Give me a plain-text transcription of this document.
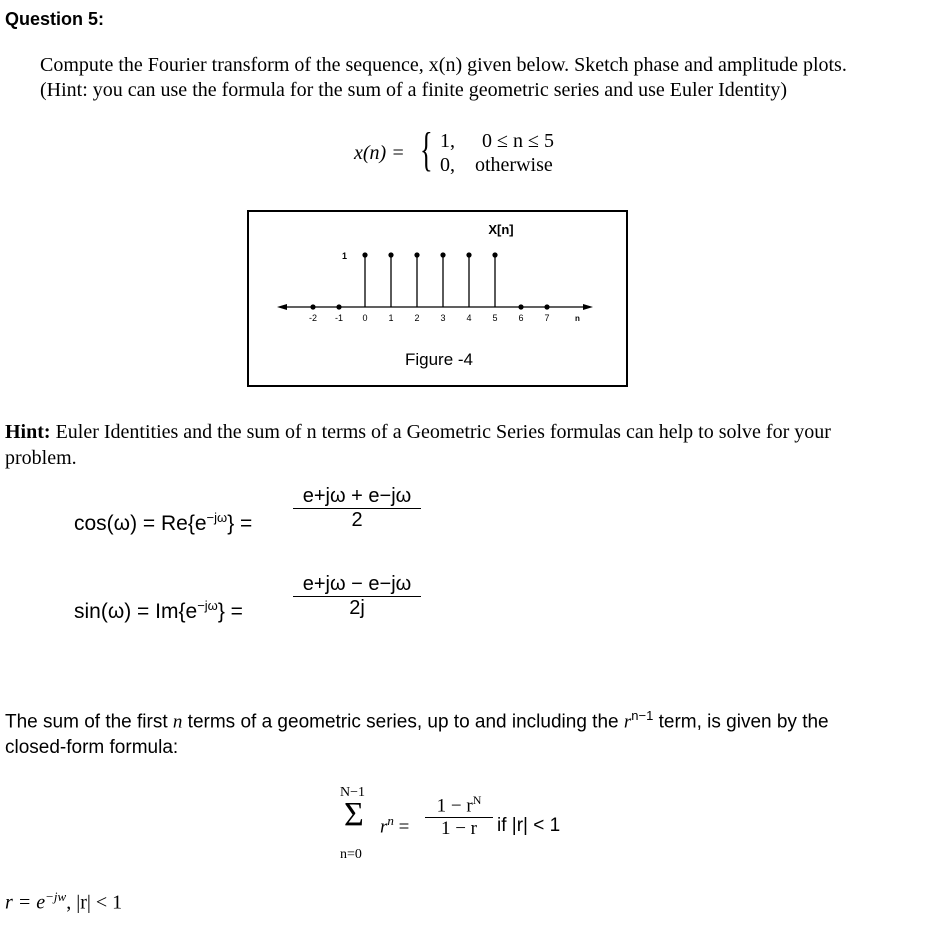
Question 5:
Compute the Fourier transform of the sequence, x(n) given below. Sketch phase and amplitude plots.
(Hint: you can use the formula for the sum of a finite geometric series and use Euler Identity)
x(n) = { 1, 0 ≤ n ≤ 5
0, otherwise
X[n]
Figure -4
n
1
-2 -1 0 1 2 3 4 5 6 7
Hint: Euler Identities and the sum of n terms of a Geometric Series formulas can help to solve for your
problem.
$\cos(\omega) = Re\{e^{-j\omega}\}$ =
e+jω + e−jω
2
$\sin(\omega) = Im\{e^{-j\omega}\}$ =
e+jω − e−jω
2j
The sum of the first n terms of a geometric series, up to and including the $r^{n-1}$ term, is given by the
closed-form formula:
N−1
Σ
n=0
$r^n$ =
$1 - r^N$
1 − r	if |r| < 1
$r = e^{-jw}$, |r| < 1
